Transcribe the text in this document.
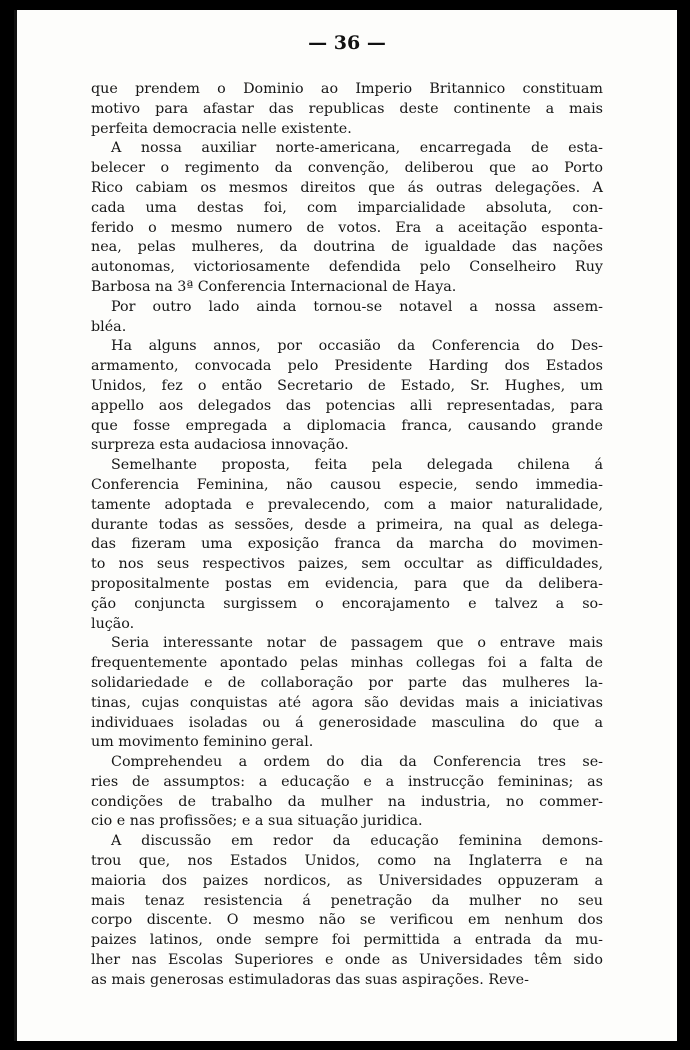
— 36 —
que prendem o Dominio ao Imperio Britannico constituam
motivo para afastar das republicas deste continente a mais
perfeita democracia nelle existente.
A nossa auxiliar norte-americana, encarregada de esta-
belecer o regimento da convenção, deliberou que ao Porto
Rico cabiam os mesmos direitos que ás outras delegações. A
cada uma destas foi, com imparcialidade absoluta, con-
ferido o mesmo numero de votos. Era a aceitação esponta-
nea, pelas mulheres, da doutrina de igualdade das nações
autonomas, victoriosamente defendida pelo Conselheiro Ruy
Barbosa na 3ª Conferencia Internacional de Haya.
Por outro lado ainda tornou-se notavel a nossa assem-
bléa.
Ha alguns annos, por occasião da Conferencia do Des-
armamento, convocada pelo Presidente Harding dos Estados
Unidos, fez o então Secretario de Estado, Sr. Hughes, um
appello aos delegados das potencias alli representadas, para
que fosse empregada a diplomacia franca, causando grande
surpreza esta audaciosa innovação.
Semelhante proposta, feita pela delegada chilena á
Conferencia Feminina, não causou especie, sendo immedia-
tamente adoptada e prevalecendo, com a maior naturalidade,
durante todas as sessões, desde a primeira, na qual as delega-
das fizeram uma exposição franca da marcha do movimen-
to nos seus respectivos paizes, sem occultar as difficuldades,
propositalmente postas em evidencia, para que da delibera-
ção conjuncta surgissem o encorajamento e talvez a so-
lução.
Seria interessante notar de passagem que o entrave mais
frequentemente apontado pelas minhas collegas foi a falta de
solidariedade e de collaboração por parte das mulheres la-
tinas, cujas conquistas até agora são devidas mais a iniciativas
individuaes isoladas ou á generosidade masculina do que a
um movimento feminino geral.
Comprehendeu a ordem do dia da Conferencia tres se-
ries de assumptos: a educação e a instrucção femininas; as
condições de trabalho da mulher na industria, no commer-
cio e nas profissões; e a sua situação juridica.
A discussão em redor da educação feminina demons-
trou que, nos Estados Unidos, como na Inglaterra e na
maioria dos paizes nordicos, as Universidades oppuzeram a
mais tenaz resistencia á penetração da mulher no seu
corpo discente. O mesmo não se verificou em nenhum dos
paizes latinos, onde sempre foi permittida a entrada da mu-
lher nas Escolas Superiores e onde as Universidades têm sido
as mais generosas estimuladoras das suas aspirações. Reve-
